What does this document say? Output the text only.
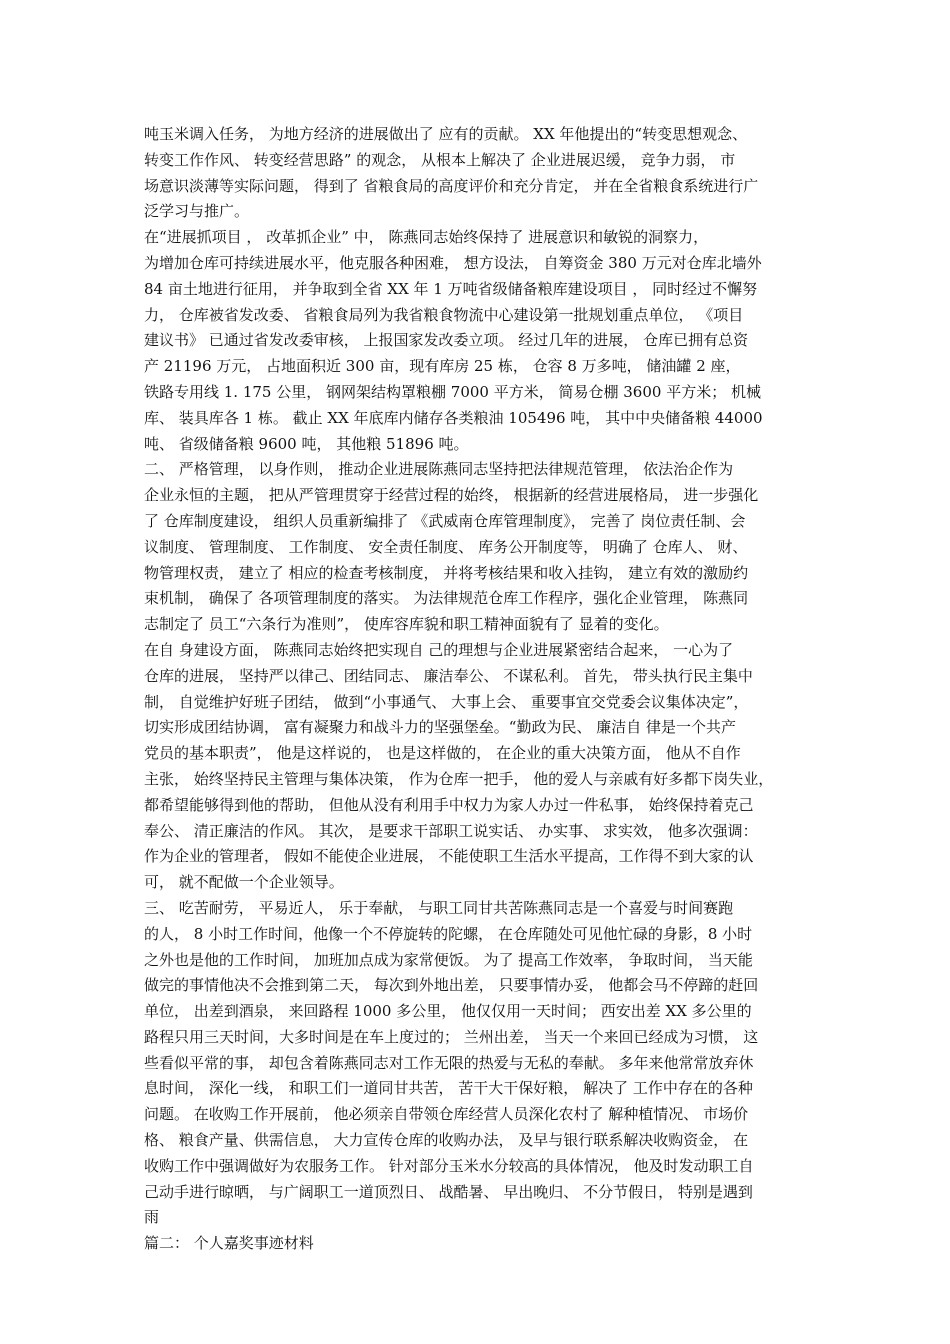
吨玉米调入任务， 为地方经济的进展做出了 应有的贡献。 XX 年他提出的“转变思想观念、
转变工作作风、 转变经营思路” 的观念， 从根本上解决了 企业进展迟缓， 竞争力弱， 市
场意识淡薄等实际问题， 得到了 省粮食局的高度评价和充分肯定， 并在全省粮食系统进行广
泛学习与推广。
在“进展抓项目 ， 改革抓企业” 中， 陈燕同志始终保持了 进展意识和敏锐的洞察力，
为增加仓库可持续进展水平，他克服各种困难， 想方设法， 自筹资金 380 万元对仓库北墙外
84 亩土地进行征用， 并争取到全省 XX 年 1 万吨省级储备粮库建设项目 ， 同时经过不懈努
力， 仓库被省发改委、 省粮食局列为我省粮食物流中心建设第一批规划重点单位， 《项目
建议书》 已通过省发改委审核， 上报国家发改委立项。 经过几年的进展， 仓库已拥有总资
产 21196 万元， 占地面积近 300 亩，现有库房 25 栋， 仓容 8 万多吨， 储油罐 2 座，
铁路专用线 1. 175 公里， 钢网架结构罩粮棚 7000 平方米， 简易仓棚 3600 平方米； 机械
库、 装具库各 1 栋。 截止 XX 年底库内储存各类粮油 105496 吨， 其中中央储备粮 44000
吨、 省级储备粮 9600 吨， 其他粮 51896 吨。
二、 严格管理， 以身作则， 推动企业进展陈燕同志坚持把法律规范管理， 依法治企作为
企业永恒的主题， 把从严管理贯穿于经营过程的始终， 根据新的经营进展格局， 进一步强化
了 仓库制度建设， 组织人员重新编排了 《武威南仓库管理制度》， 完善了 岗位责任制、会
议制度、 管理制度、 工作制度、 安全责任制度、 库务公开制度等， 明确了 仓库人、 财、
物管理权责， 建立了 相应的检查考核制度， 并将考核结果和收入挂钩， 建立有效的激励约
束机制， 确保了 各项管理制度的落实。 为法律规范仓库工作程序，强化企业管理， 陈燕同
志制定了 员工“六条行为准则”， 使库容库貌和职工精神面貌有了 显着的变化。
在自 身建设方面， 陈燕同志始终把实现自 己的理想与企业进展紧密结合起来， 一心为了
仓库的进展， 坚持严以律己、团结同志、 廉洁奉公、 不谋私利。 首先， 带头执行民主集中
制， 自觉维护好班子团结， 做到“小事通气、 大事上会、 重要事宜交党委会议集体决定”，
切实形成团结协调， 富有凝聚力和战斗力的坚强堡垒。“勤政为民、 廉洁自 律是一个共产
党员的基本职责”， 他是这样说的， 也是这样做的， 在企业的重大决策方面， 他从不自作
主张， 始终坚持民主管理与集体决策， 作为仓库一把手， 他的爱人与亲戚有好多都下岗失业，
都希望能够得到他的帮助， 但他从没有利用手中权力为家人办过一件私事， 始终保持着克己
奉公、 清正廉洁的作风。 其次， 是要求干部职工说实话、 办实事、 求实效， 他多次强调：
作为企业的管理者， 假如不能使企业进展， 不能使职工生活水平提高，工作得不到大家的认
可， 就不配做一个企业领导。
三、 吃苦耐劳， 平易近人， 乐于奉献， 与职工同甘共苦陈燕同志是一个喜爱与时间赛跑
的人， 8 小时工作时间，他像一个不停旋转的陀螺， 在仓库随处可见他忙碌的身影，8 小时
之外也是他的工作时间， 加班加点成为家常便饭。 为了 提高工作效率， 争取时间， 当天能
做完的事情他决不会推到第二天， 每次到外地出差， 只要事情办妥， 他都会马不停蹄的赶回
单位， 出差到酒泉， 来回路程 1000 多公里， 他仅仅用一天时间； 西安出差 XX 多公里的
路程只用三天时间，大多时间是在车上度过的； 兰州出差， 当天一个来回已经成为习惯， 这
些看似平常的事， 却包含着陈燕同志对工作无限的热爱与无私的奉献。 多年来他常常放弃休
息时间， 深化一线， 和职工们一道同甘共苦， 苦干大干保好粮， 解决了 工作中存在的各种
问题。 在收购工作开展前， 他必须亲自带领仓库经营人员深化农村了 解种植情况、 市场价
格、 粮食产量、供需信息， 大力宣传仓库的收购办法， 及早与银行联系解决收购资金， 在
收购工作中强调做好为农服务工作。 针对部分玉米水分较高的具体情况， 他及时发动职工自
己动手进行晾晒， 与广阔职工一道顶烈日、 战酷暑、 早出晚归、 不分节假日， 特别是遇到
雨
篇二： 个人嘉奖事迹材料
